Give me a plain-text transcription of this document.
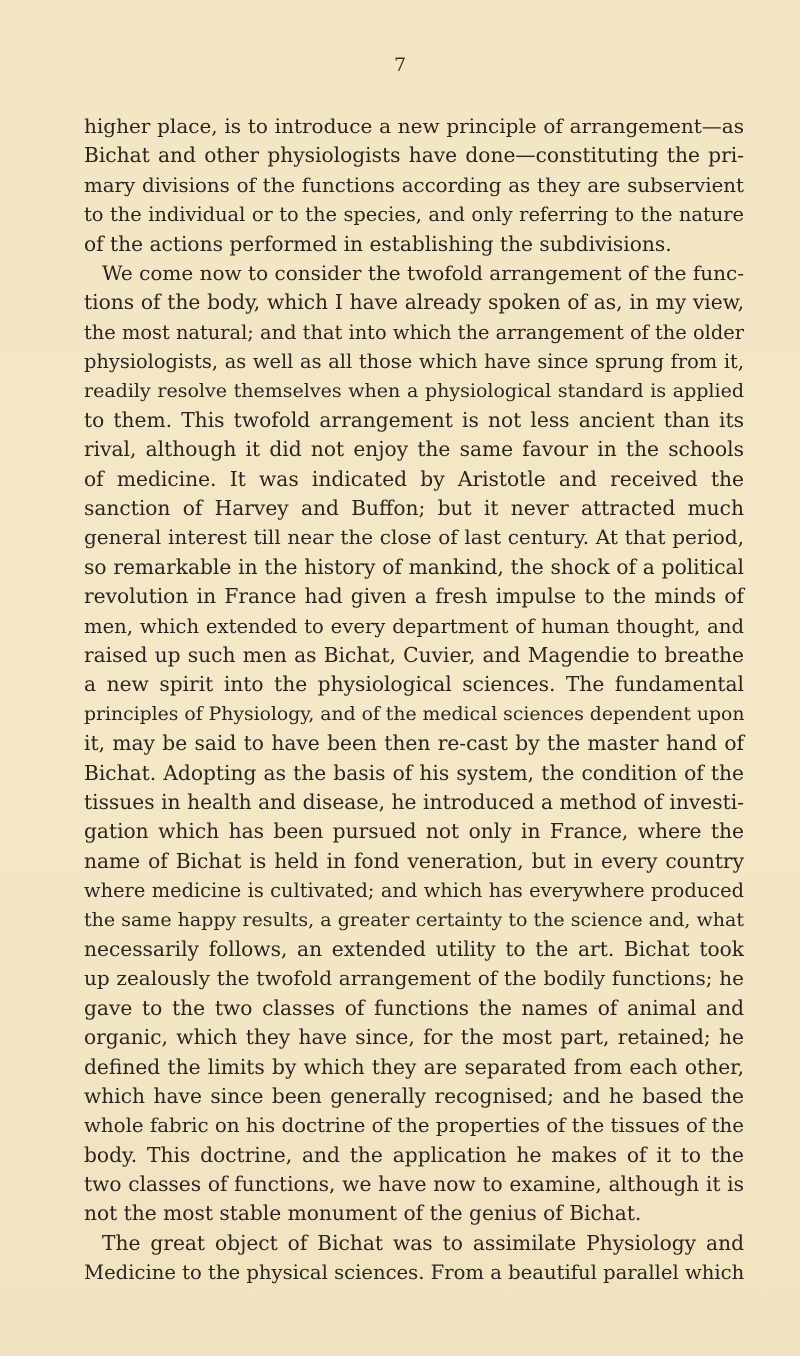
7
higher place, is to introduce a new principle of arrangement—as
Bichat and other physiologists have done—constituting the pri-
mary divisions of the functions according as they are subservient
to the individual or to the species, and only referring to the nature
of the actions performed in establishing the subdivisions.
We come now to consider the twofold arrangement of the func-
tions of the body, which I have already spoken of as, in my view,
the most natural; and that into which the arrangement of the older
physiologists, as well as all those which have since sprung from it,
readily resolve themselves when a physiological standard is applied
to them. This twofold arrangement is not less ancient than its
rival, although it did not enjoy the same favour in the schools
of medicine. It was indicated by Aristotle and received the
sanction of Harvey and Buffon; but it never attracted much
general interest till near the close of last century. At that period,
so remarkable in the history of mankind, the shock of a political
revolution in France had given a fresh impulse to the minds of
men, which extended to every department of human thought, and
raised up such men as Bichat, Cuvier, and Magendie to breathe
a new spirit into the physiological sciences. The fundamental
principles of Physiology, and of the medical sciences dependent upon
it, may be said to have been then re-cast by the master hand of
Bichat. Adopting as the basis of his system, the condition of the
tissues in health and disease, he introduced a method of investi-
gation which has been pursued not only in France, where the
name of Bichat is held in fond veneration, but in every country
where medicine is cultivated; and which has everywhere produced
the same happy results, a greater certainty to the science and, what
necessarily follows, an extended utility to the art. Bichat took
up zealously the twofold arrangement of the bodily functions; he
gave to the two classes of functions the names of animal and
organic, which they have since, for the most part, retained; he
defined the limits by which they are separated from each other,
which have since been generally recognised; and he based the
whole fabric on his doctrine of the properties of the tissues of the
body. This doctrine, and the application he makes of it to the
two classes of functions, we have now to examine, although it is
not the most stable monument of the genius of Bichat.
The great object of Bichat was to assimilate Physiology and
Medicine to the physical sciences. From a beautiful parallel which
